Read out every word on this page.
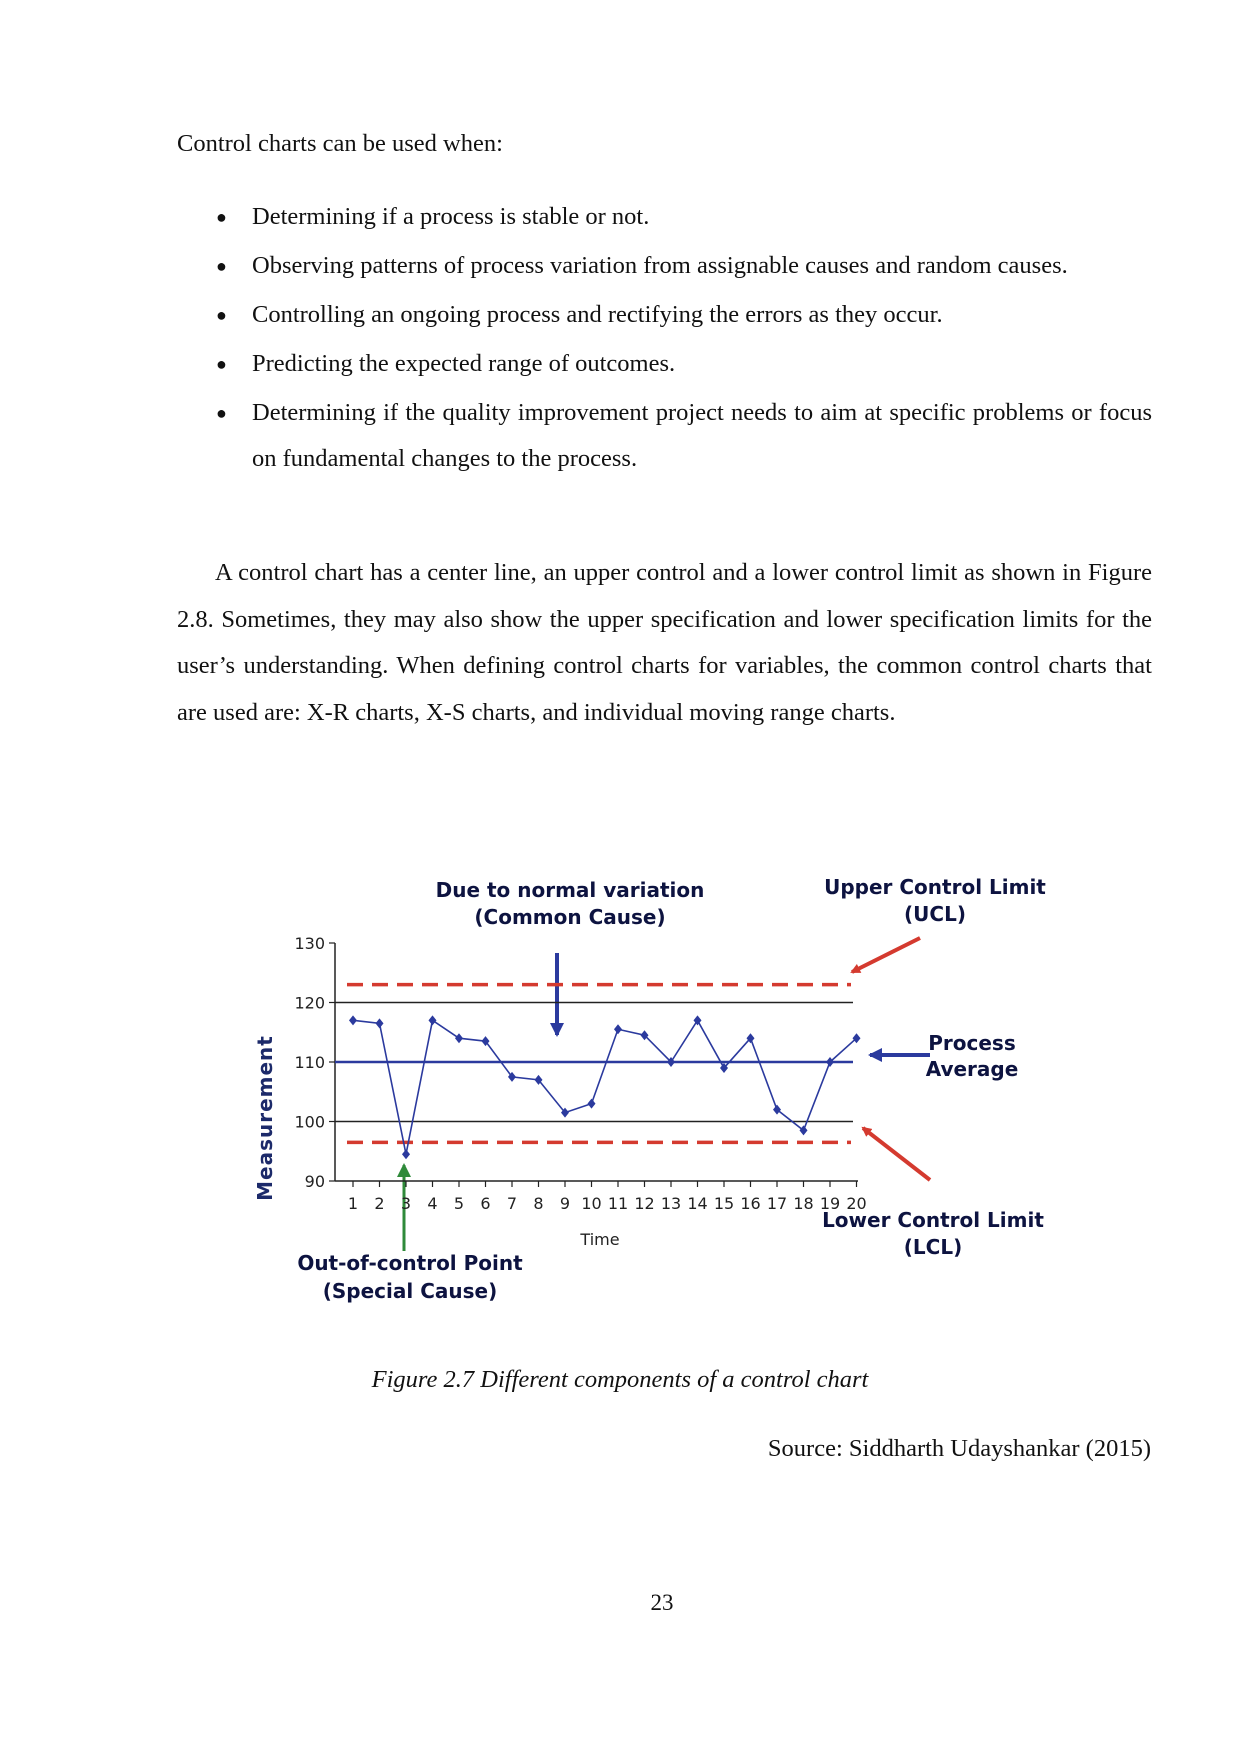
Control charts can be used when:

● Determining if a process is stable or not.
● Observing patterns of process variation from assignable causes and random causes.
● Controlling an ongoing process and rectifying the errors as they occur.
● Predicting the expected range of outcomes.
● Determining if the quality improvement project needs to aim at specific problems or focus on fundamental changes to the process.

A control chart has a center line, an upper control and a lower control limit as shown in Figure 2.8. Sometimes, they may also show the upper specification and lower specification limits for the user’s understanding. When defining control charts for variables, the common control charts that are used are: X-R charts, X-S charts, and individual moving range charts.

Due to normal variation
(Common Cause)
Upper Control Limit
(UCL)
Process
Average
Lower Control Limit
(LCL)
Out-of-control Point
(Special Cause)
Measurement
Time
90
100
110
120
130
1 2 3 4 5 6 7 8 9 10 11 12 13 14 15 16 17 18 19 20

Figure 2.7 Different components of a control chart

Source: Siddharth Udayshankar (2015)

23
